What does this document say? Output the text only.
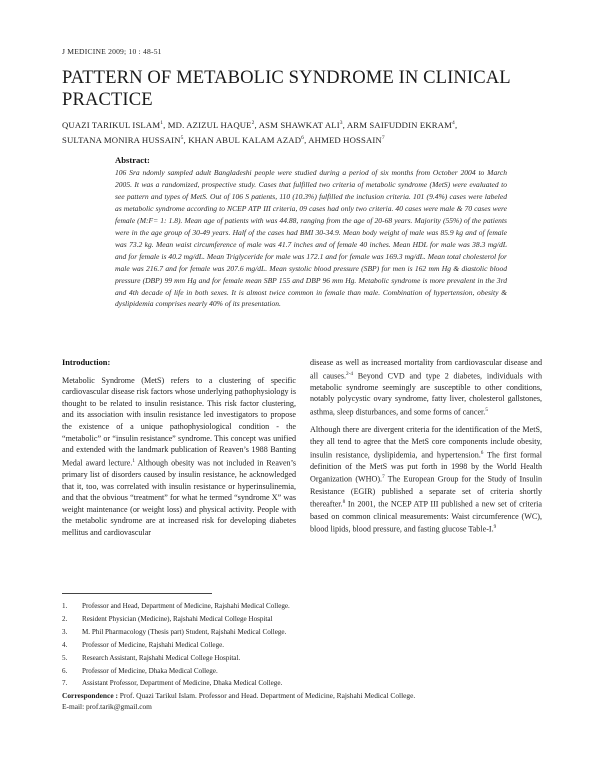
J MEDICINE 2009; 10 : 48-51
PATTERN OF METABOLIC SYNDROME IN CLINICAL PRACTICE
QUAZI TARIKUL ISLAM$^1$, MD. AZIZUL HAQUE$^2$, ASM SHAWKAT ALI$^3$, ARM SAIFUDDIN EKRAM$^4$,
SULTANA MONIRA HUSSAIN$^5$, KHAN ABUL KALAM AZAD$^6$, AHMED HOSSAIN$^7$

Abstract:

106 Sra ndomly sampled adult Bangladeshi people were studied during a period of six months from October 2004 to March 2005. It was a randomized, prospective study. Cases that fulfilled two criteria of metabolic syndrome (MetS) were evaluated to see pattern and types of MetS. Out of 106 S patients, 110 (10.3%) fulfilled the inclusion criteria. 101 (9.4%) cases were labeled as metabolic syndrome according to NCEP ATP III criteria, 09 cases had only two criteria. 40 cases were male & 70 cases were female (M:F= 1: 1.8). Mean age of patients with was 44.88, ranging from the age of 20-68 years. Majority (55%) of the patients were in the age group of 30-49 years. Half of the cases had BMI 30-34.9. Mean body weight of male was 85.9 kg and of female was 73.2 kg. Mean waist circumference of male was 41.7 inches and of female 40 inches. Mean HDL for male was 38.3 mg/dL and for female is 40.2 mg/dL. Mean Triglyceride for male was 172.1 and for female was 169.3 mg/dL. Mean total cholesterol for male was 216.7 and for female was 207.6 mg/dL. Mean systolic blood pressure (SBP) for men is 162 mm Hg & diastolic blood pressure (DBP) 99 mm Hg and for female mean SBP 155 and DBP 96 mm Hg. Metabolic syndrome is more prevalent in the 3rd and 4th decade of life in both sexes. It is almost twice common in female than male. Combination of hypertension, obesity & dyslipidemia comprises nearly 40% of its presentation.

Introduction:

Metabolic Syndrome (MetS) refers to a clustering of specific cardiovascular disease risk factors whose underlying pathophysiology is thought to be related to insulin resistance. This risk factor clustering, and its association with insulin resistance led investigators to propose the existence of a unique pathophysiological condition - the “metabolic” or “insulin resistance” syndrome. This concept was unified and extended with the landmark publication of Reaven’s 1988 Banting Medal award lecture.$^1$ Although obesity was not included in Reaven’s primary list of disorders caused by insulin resistance, he acknowledged that it, too, was correlated with insulin resistance or hyperinsulinemia, and that the obvious “treatment” for what he termed “syndrome X” was weight maintenance (or weight loss) and physical activity. People with the metabolic syndrome are at increased risk for developing diabetes mellitus and cardiovascular

disease as well as increased mortality from cardiovascular disease and all causes.$^{2-4}$ Beyond CVD and type 2 diabetes, individuals with metabolic syndrome seemingly are susceptible to other conditions, notably polycystic ovary syndrome, fatty liver, cholesterol gallstones, asthma, sleep disturbances, and some forms of cancer.$^5$

Although there are divergent criteria for the identification of the MetS, they all tend to agree that the MetS core components include obesity, insulin resistance, dyslipidemia, and hypertension.$^6$ The first formal definition of the MetS was put forth in 1998 by the World Health Organization (WHO).$^7$ The European Group for the Study of Insulin Resistance (EGIR) published a separate set of criteria shortly thereafter.$^8$ In 2001, the NCEP ATP III published a new set of criteria based on common clinical measurements: Waist circumference (WC), blood lipids, blood pressure, and fasting glucose Table-I.$^9$

1.	Professor and Head, Department of Medicine, Rajshahi Medical College.
2.	Resident Physician (Medicine), Rajshahi Medical College Hospital
3.	M. Phil Pharmacology (Thesis part) Student, Rajshahi Medical College.
4.	Professor of Medicine, Rajshahi Medical College.
5.	Research Assistant, Rajshahi Medical College Hospital.
6.	Professor of Medicine, Dhaka Medical College.
7.	Assistant Professor, Department of Medicine, Dhaka Medical College.
Correspondence : Prof. Quazi Tarikul Islam. Professor and Head. Department of Medicine, Rajshahi Medical College.
E-mail: prof.tarik@gmail.com
